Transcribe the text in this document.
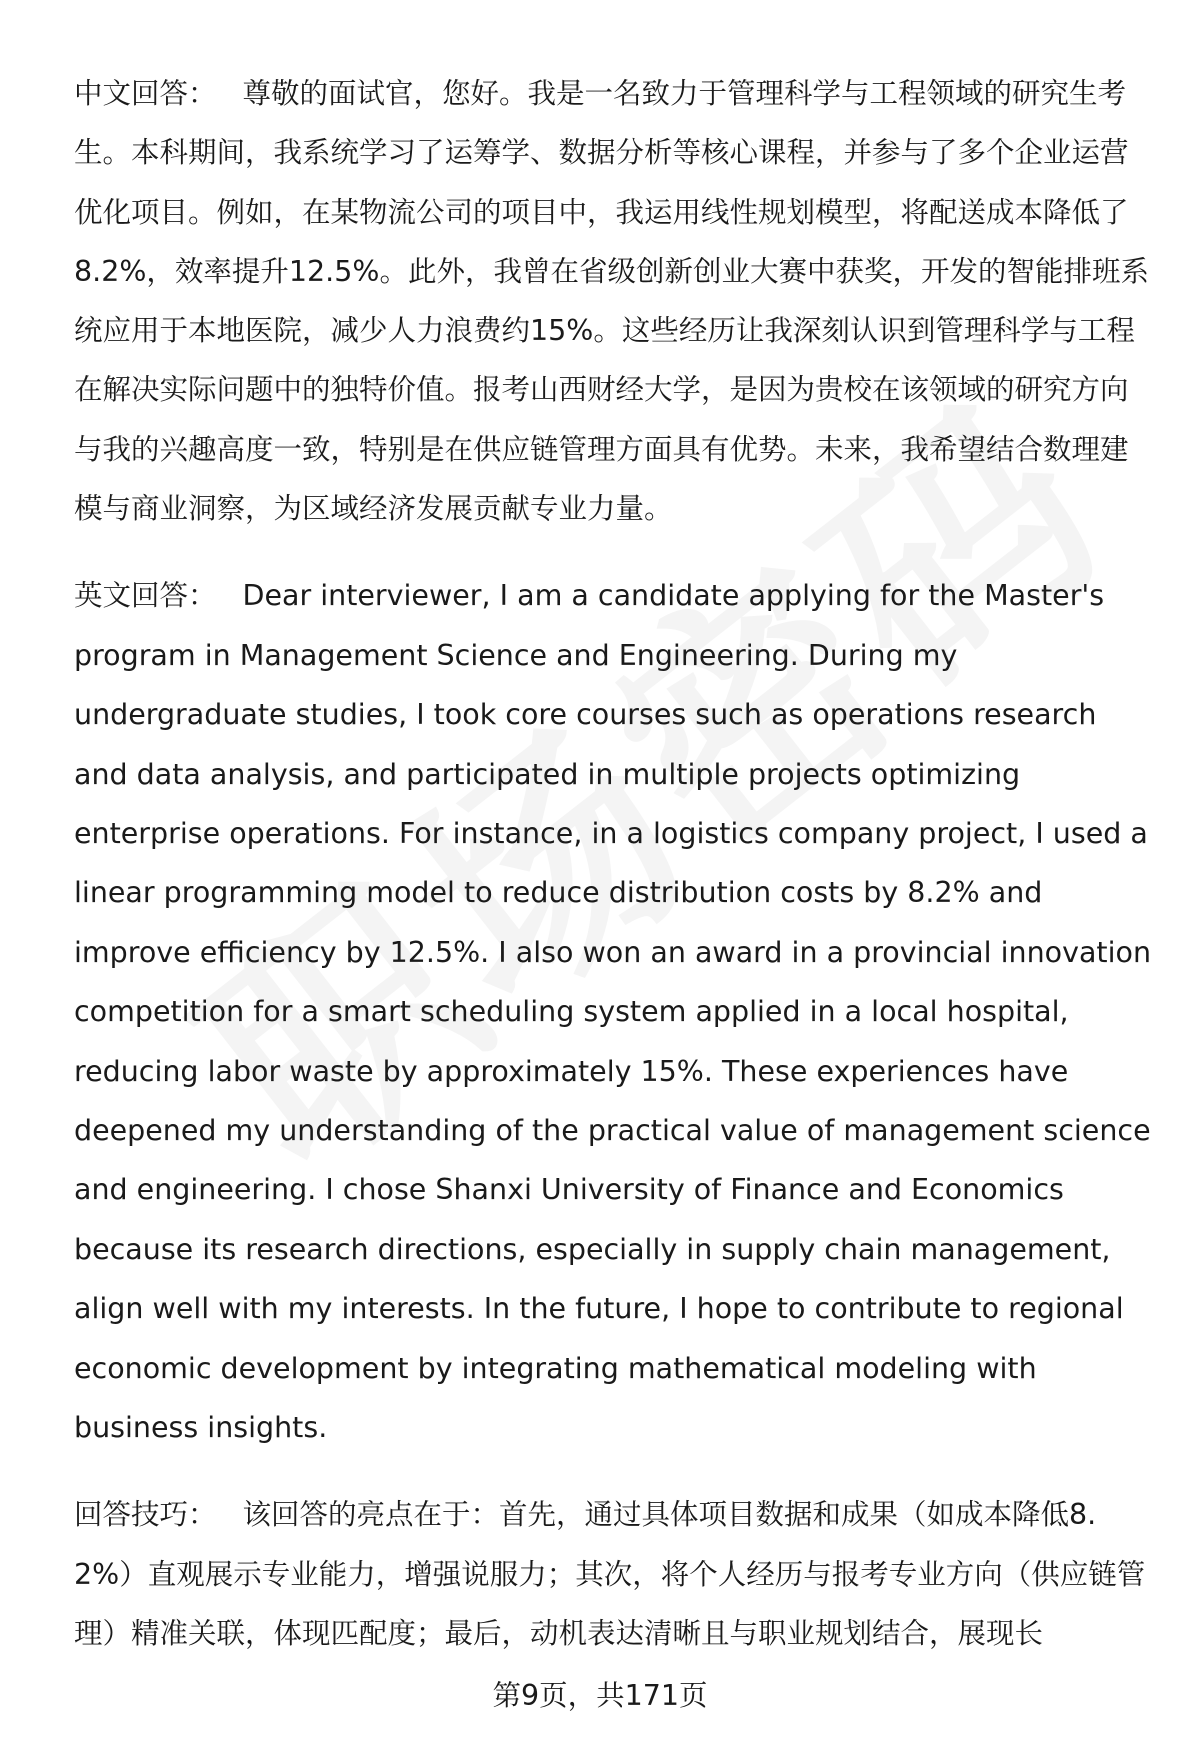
中文回答： 尊敬的面试官，您好。我是一名致力于管理科学与工程领域的研究生考生。本科期间，我系统学习了运筹学、数据分析等核心课程，并参与了多个企业运营优化项目。例如，在某物流公司的项目中，我运用线性规划模型，将配送成本降低了8.2%，效率提升12.5%。此外，我曾在省级创新创业大赛中获奖，开发的智能排班系统应用于本地医院，减少人力浪费约15%。这些经历让我深刻认识到管理科学与工程在解决实际问题中的独特价值。报考山西财经大学，是因为贵校在该领域的研究方向与我的兴趣高度一致，特别是在供应链管理方面具有优势。未来，我希望结合数理建模与商业洞察，为区域经济发展贡献专业力量。

英文回答： Dear interviewer, I am a candidate applying for the Master's program in Management Science and Engineering. During my undergraduate studies, I took core courses such as operations research and data analysis, and participated in multiple projects optimizing enterprise operations. For instance, in a logistics company project, I used a linear programming model to reduce distribution costs by 8.2% and improve efficiency by 12.5%. I also won an award in a provincial innovation competition for a smart scheduling system applied in a local hospital, reducing labor waste by approximately 15%. These experiences have deepened my understanding of the practical value of management science and engineering. I chose Shanxi University of Finance and Economics because its research directions, especially in supply chain management, align well with my interests. In the future, I hope to contribute to regional economic development by integrating mathematical modeling with business insights.

回答技巧： 该回答的亮点在于：首先，通过具体项目数据和成果（如成本降低8.2%）直观展示专业能力，增强说服力；其次，将个人经历与报考专业方向（供应链管理）精准关联，体现匹配度；最后，动机表达清晰且与职业规划结合，展现长

第9页，共171页
